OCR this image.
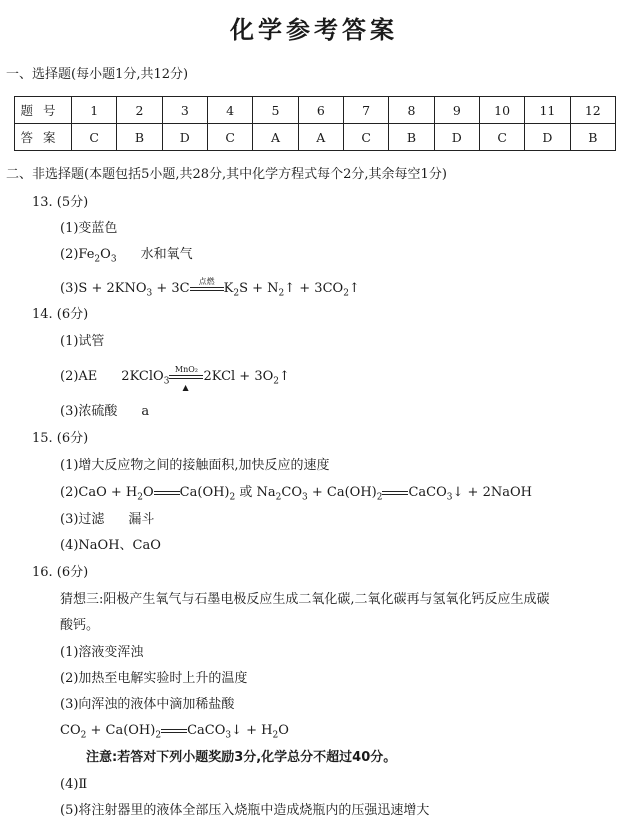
化学参考答案
一、选择题(每小题1分,共12分)
题号	1	2	3	4	5	6	7	8	9	10	11	12
答案	C	B	D	C	A	A	C	B	D	C	D	B
二、非选择题(本题包括5小题,共28分,其中化学方程式每个2分,其余每空1分)
13. (5分)
(1)变蓝色
$(2)Fe_2O_3$ 水和氧气
$(3)S + 2KNO_3 + 3C$	点燃 $K_2S$ + $N_2↑$ + $3CO_2↑$
14. (6分)
(1)试管
(2)AE 2KClO$_3$
MnO₂
▲
$2KCl + 3O_2↑$
(3)浓硫酸 a
15. (6分)
(1)增大反应物之间的接触面积,加快反应的速度
$(2)CaO + H_2O$ $Ca(OH)_2$ 或 $Na_2CO_3 + Ca(OH)_2$ CaCO$_3$↓ + 2NaOH
(3)过滤 漏斗
(4)NaOH、CaO
16. (6分)
猜想三:阳极产生氧气与石墨电极反应生成二氧化碳,二氧化碳再与氢氧化钙反应生成碳
酸钙。
(1)溶液变浑浊
(2)加热至电解实验时上升的温度
(3)向浑浊的液体中滴加稀盐酸
$CO_2 + Ca(OH)_2$ CaCO$_3$↓ + $H_2O$
注意:若答对下列小题奖励3分,化学总分不超过40分。
(4)Ⅱ
(5)将注射器里的液体全部压入烧瓶中造成烧瓶内的压强迅速增大
